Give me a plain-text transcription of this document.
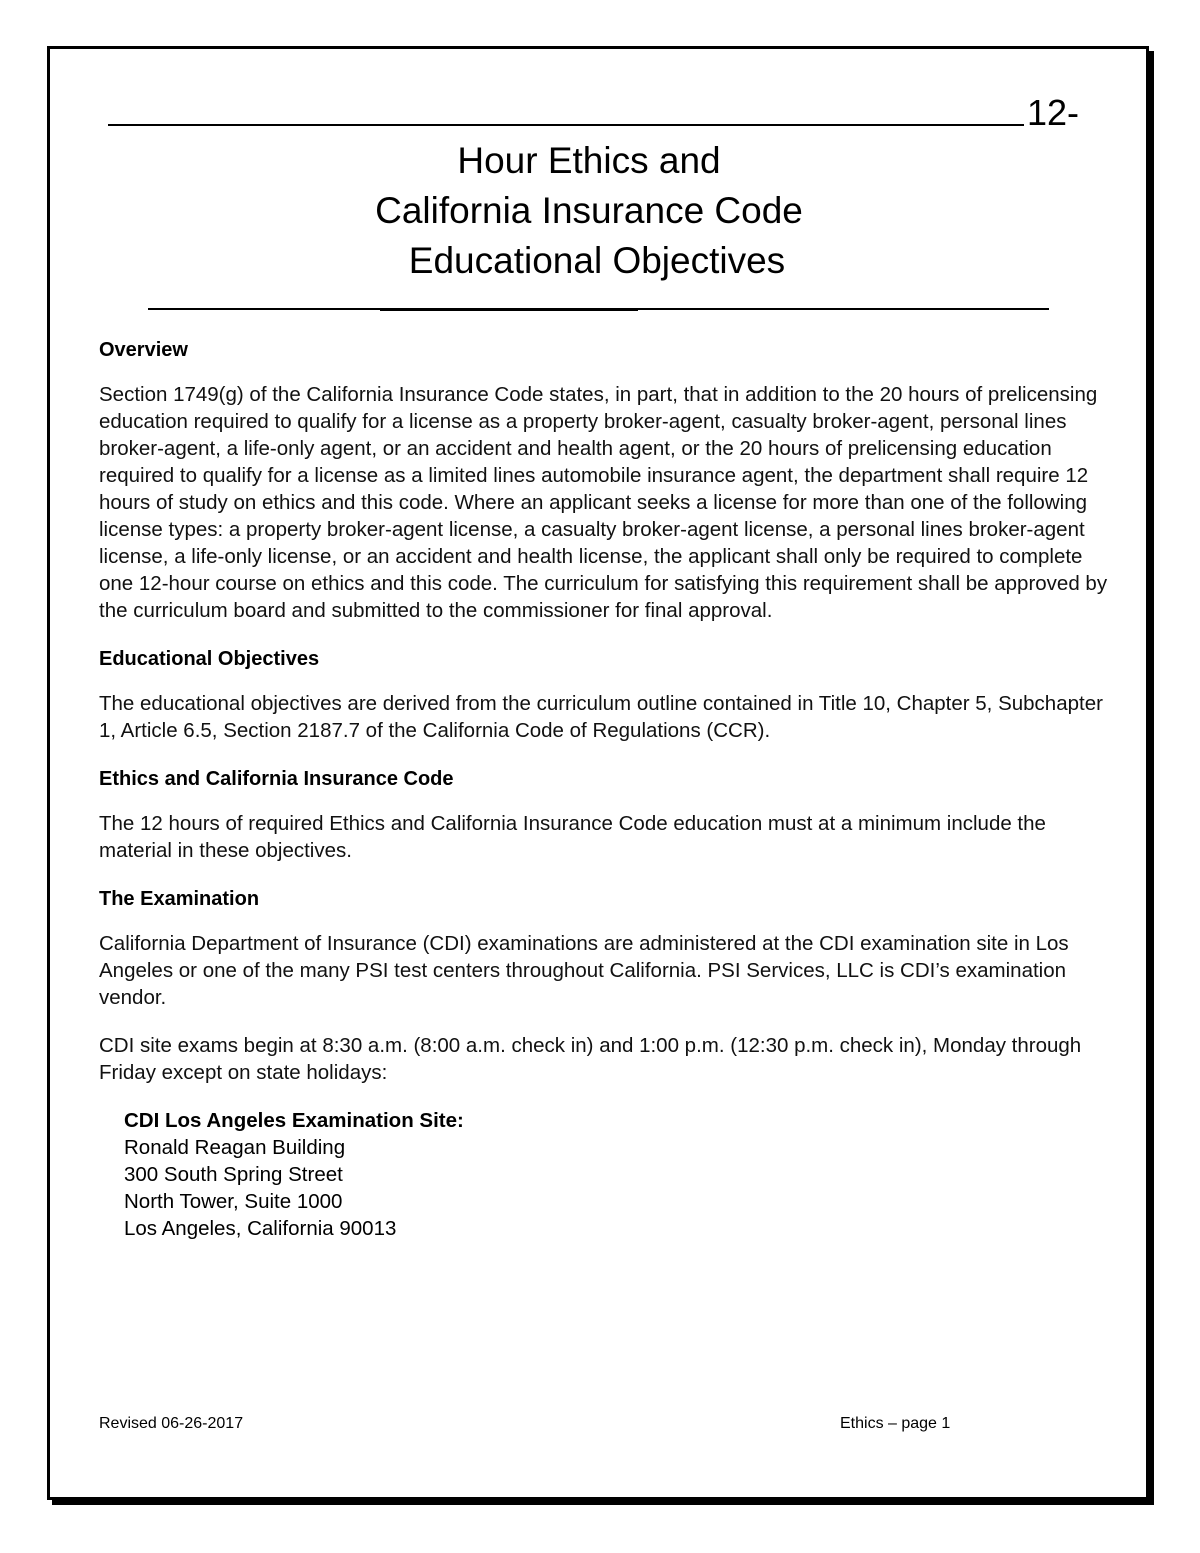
12-
Hour Ethics and
California Insurance Code
Educational Objectives

Overview

Section 1749(g) of the California Insurance Code states, in part, that in addition to the 20 hours of prelicensing education required to qualify for a license as a property broker-agent, casualty broker-agent, personal lines broker-agent, a life-only agent, or an accident and health agent, or the 20 hours of prelicensing education required to qualify for a license as a limited lines automobile insurance agent, the department shall require 12 hours of study on ethics and this code. Where an applicant seeks a license for more than one of the following license types: a property broker-agent license, a casualty broker-agent license, a personal lines broker-agent license, a life-only license, or an accident and health license, the applicant shall only be required to complete one 12-hour course on ethics and this code. The curriculum for satisfying this requirement shall be approved by the curriculum board and submitted to the commissioner for final approval.

Educational Objectives

The educational objectives are derived from the curriculum outline contained in Title 10, Chapter 5, Subchapter 1, Article 6.5, Section 2187.7 of the California Code of Regulations (CCR).

Ethics and California Insurance Code

The 12 hours of required Ethics and California Insurance Code education must at a minimum include the material in these objectives.

The Examination

California Department of Insurance (CDI) examinations are administered at the CDI examination site in Los Angeles or one of the many PSI test centers throughout California. PSI Services, LLC is CDI’s examination vendor.

CDI site exams begin at 8:30 a.m. (8:00 a.m. check in) and 1:00 p.m. (12:30 p.m. check in), Monday through Friday except on state holidays:

CDI Los Angeles Examination Site:
Ronald Reagan Building
300 South Spring Street
North Tower, Suite 1000
Los Angeles, California 90013
Revised 06-26-2017	Ethics – page 1
